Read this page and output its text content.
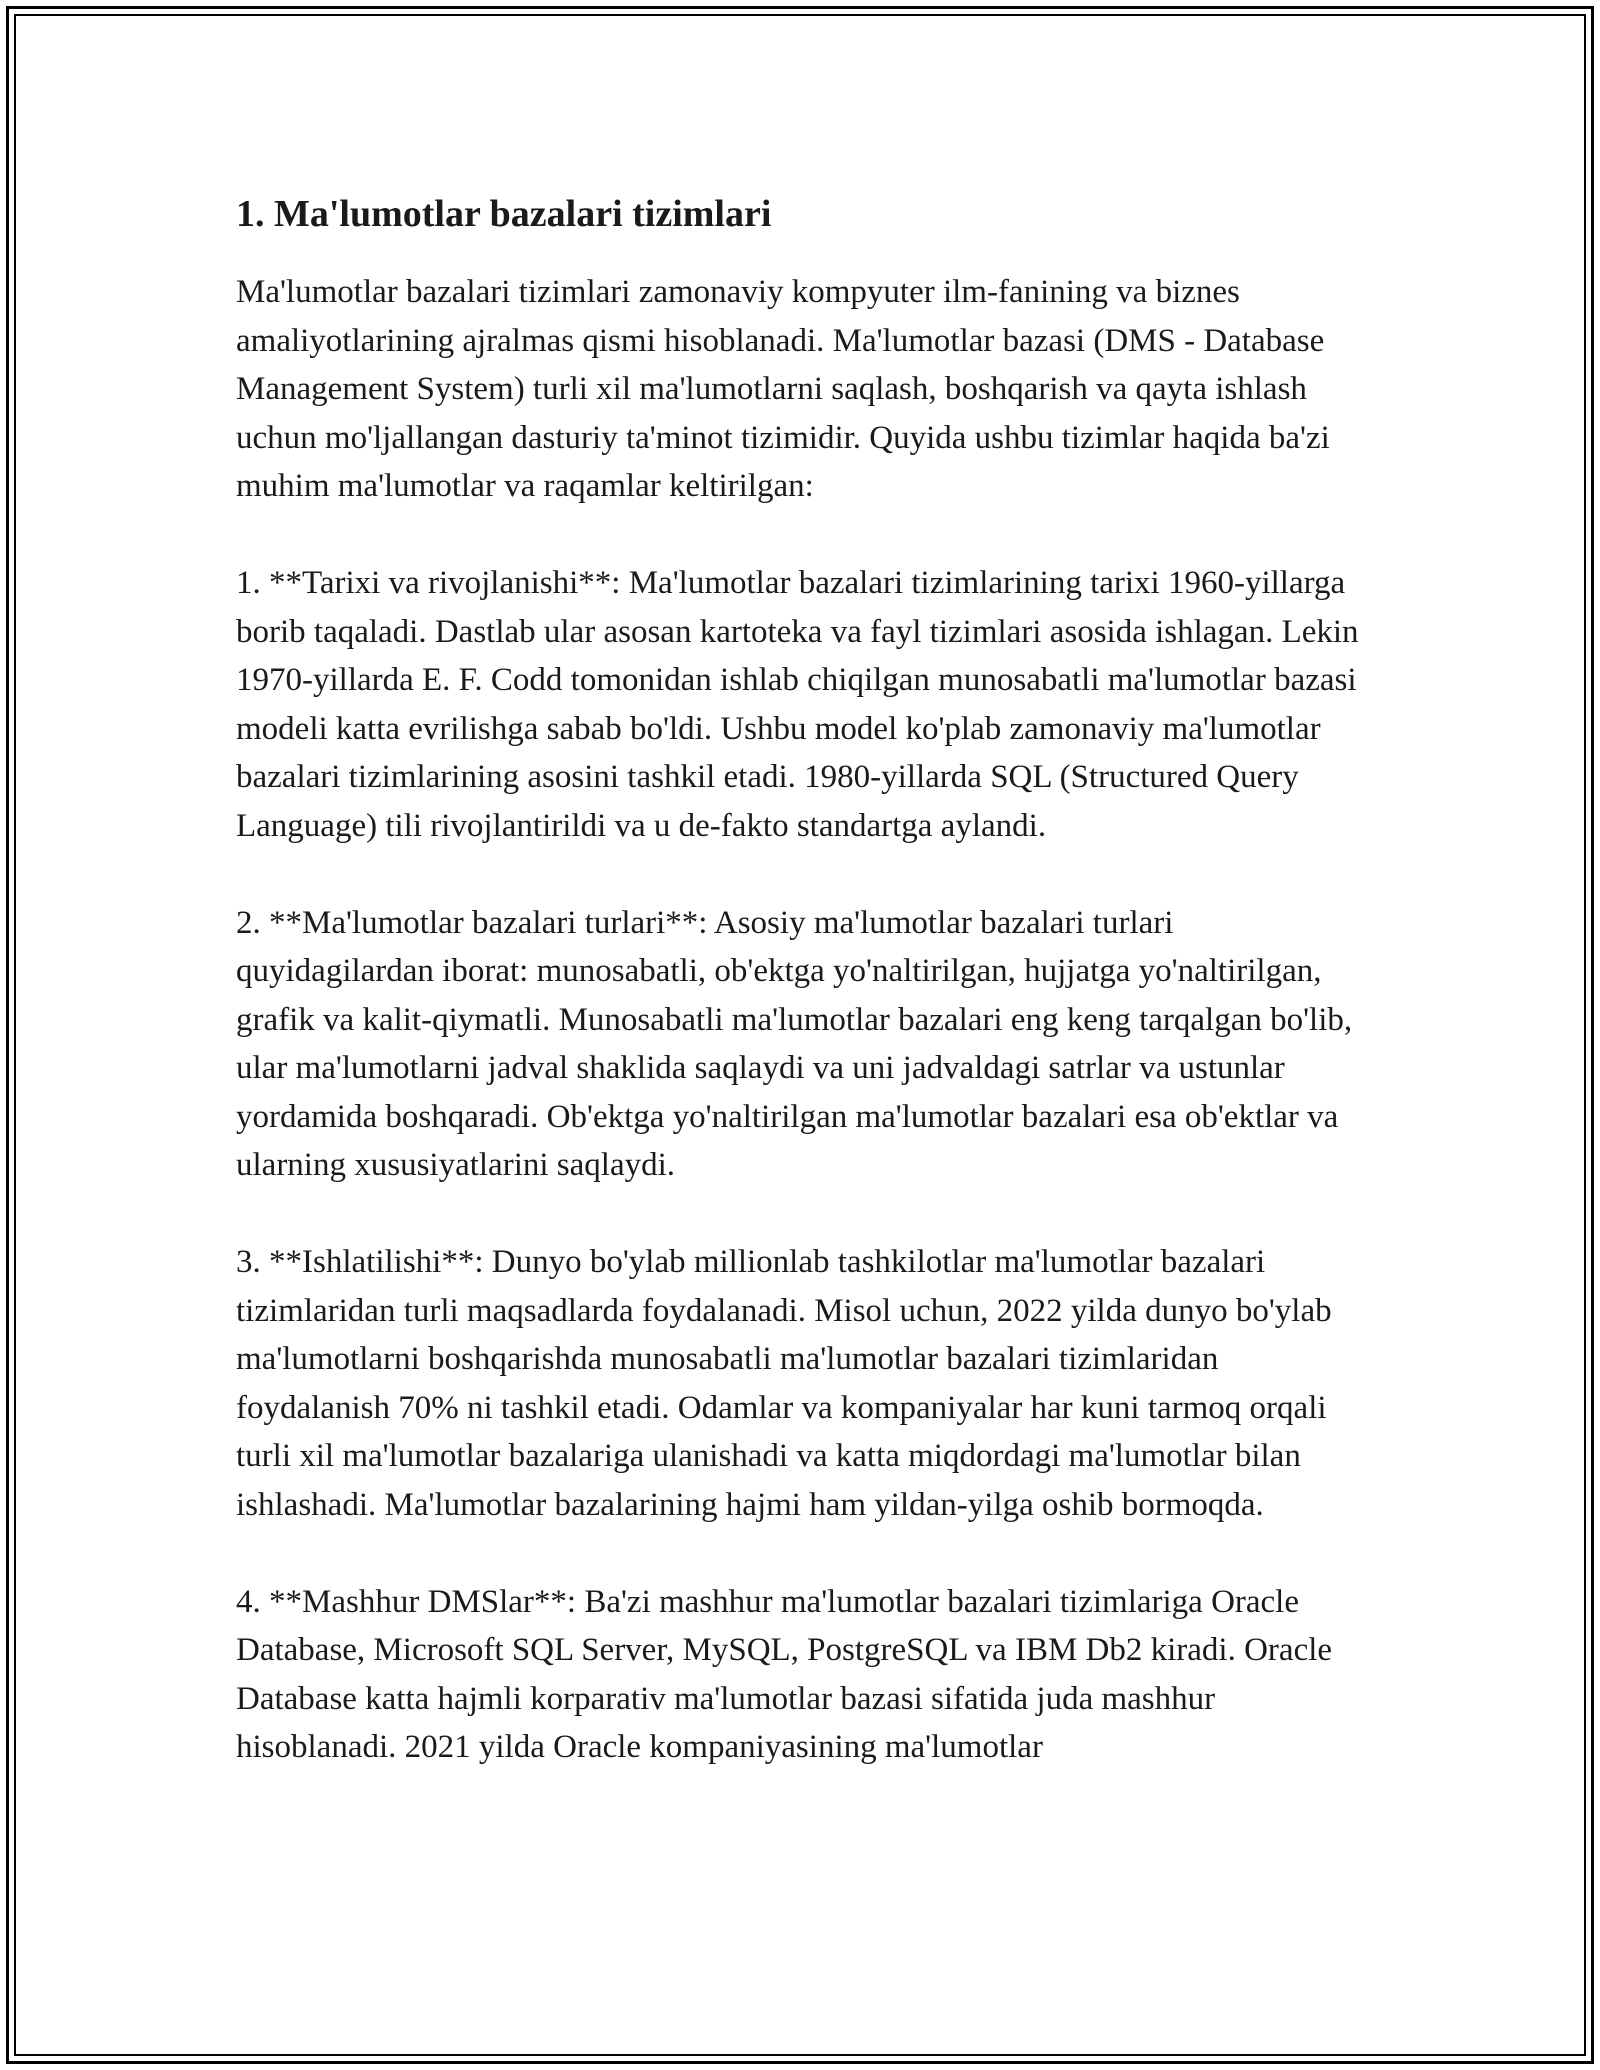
1. Ma'lumotlar bazalari tizimlari

Ma'lumotlar bazalari tizimlari zamonaviy kompyuter ilm-fanining va biznes amaliyotlarining ajralmas qismi hisoblanadi. Ma'lumotlar bazasi (DMS - Database Management System) turli xil ma'lumotlarni saqlash, boshqarish va qayta ishlash uchun mo'ljallangan dasturiy ta'minot tizimidir. Quyida ushbu tizimlar haqida ba'zi muhim ma'lumotlar va raqamlar keltirilgan:

1. **Tarixi va rivojlanishi**: Ma'lumotlar bazalari tizimlarining tarixi 1960-yillarga borib taqaladi. Dastlab ular asosan kartoteka va fayl tizimlari asosida ishlagan. Lekin 1970-yillarda E. F. Codd tomonidan ishlab chiqilgan munosabatli ma'lumotlar bazasi modeli katta evrilishga sabab bo'ldi. Ushbu model ko'plab zamonaviy ma'lumotlar bazalari tizimlarining asosini tashkil etadi. 1980-yillarda SQL (Structured Query Language) tili rivojlantirildi va u de-fakto standartga aylandi.

2. **Ma'lumotlar bazalari turlari**: Asosiy ma'lumotlar bazalari turlari quyidagilardan iborat: munosabatli, ob'ektga yo'naltirilgan, hujjatga yo'naltirilgan, grafik va kalit-qiymatli. Munosabatli ma'lumotlar bazalari eng keng tarqalgan bo'lib, ular ma'lumotlarni jadval shaklida saqlaydi va uni jadvaldagi satrlar va ustunlar yordamida boshqaradi. Ob'ektga yo'naltirilgan ma'lumotlar bazalari esa ob'ektlar va ularning xususiyatlarini saqlaydi.

3. **Ishlatilishi**: Dunyo bo'ylab millionlab tashkilotlar ma'lumotlar bazalari tizimlaridan turli maqsadlarda foydalanadi. Misol uchun, 2022 yilda dunyo bo'ylab ma'lumotlarni boshqarishda munosabatli ma'lumotlar bazalari tizimlaridan foydalanish 70% ni tashkil etadi. Odamlar va kompaniyalar har kuni tarmoq orqali turli xil ma'lumotlar bazalariga ulanishadi va katta miqdordagi ma'lumotlar bilan ishlashadi. Ma'lumotlar bazalarining hajmi ham yildan-yilga oshib bormoqda.

4. **Mashhur DMSlar**: Ba'zi mashhur ma'lumotlar bazalari tizimlariga Oracle Database, Microsoft SQL Server, MySQL, PostgreSQL va IBM Db2 kiradi. Oracle Database katta hajmli korparativ ma'lumotlar bazasi sifatida juda mashhur hisoblanadi. 2021 yilda Oracle kompaniyasining ma'lumotlar
